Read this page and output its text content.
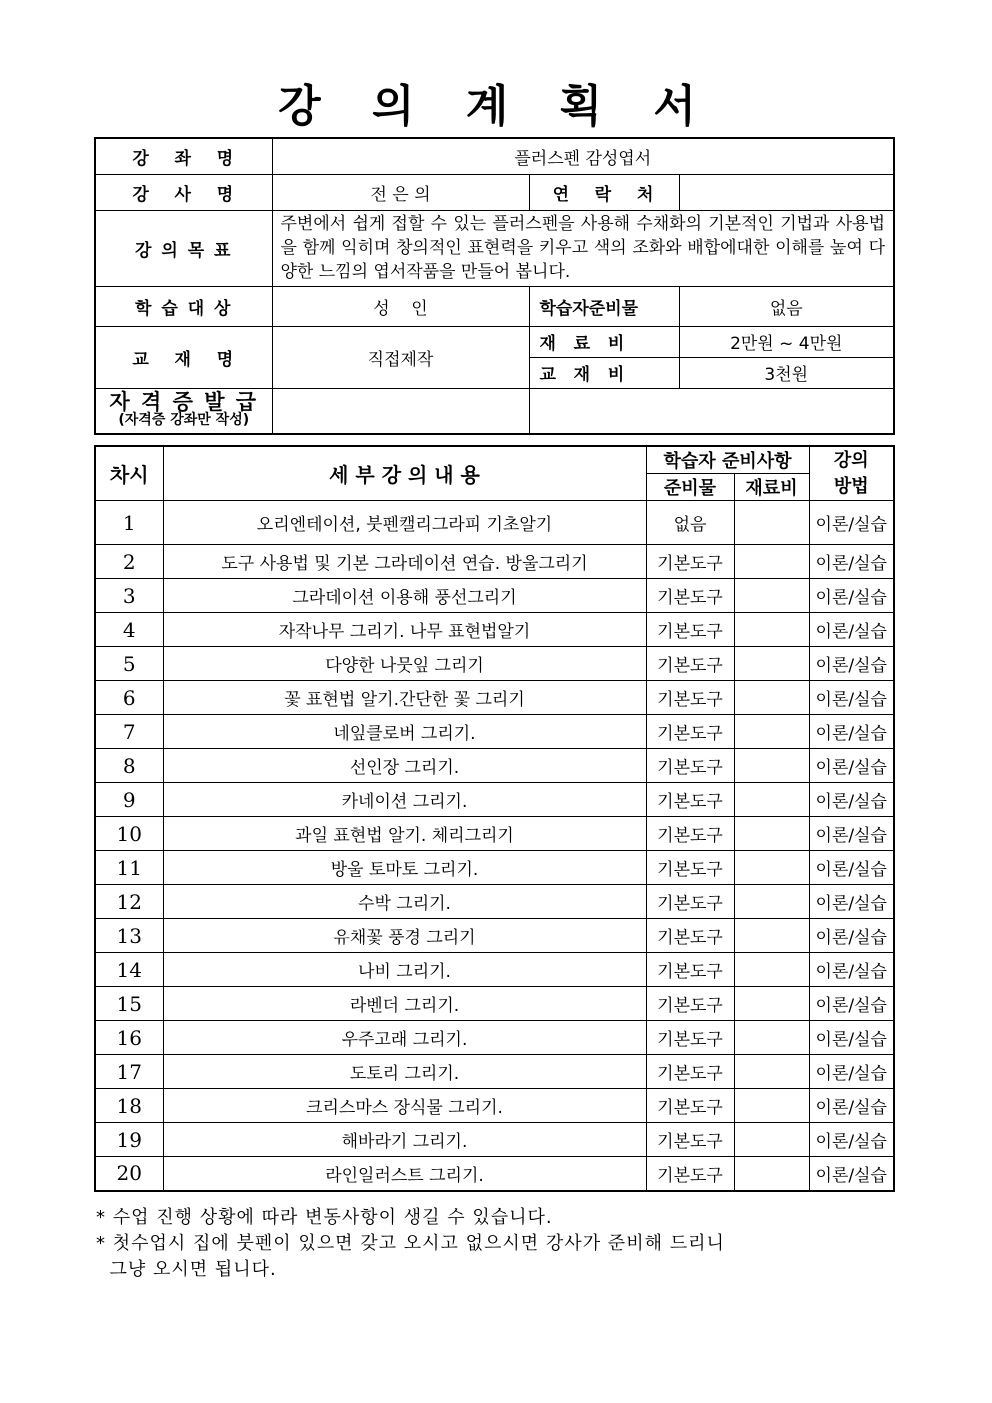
강 의 계 획 서
강   좌   명	플러스펜 감성엽서		
강   사   명	전 은 의	연   락   처	
강 의 목 표	주변에서 쉽게 접할 수 있는 플러스펜을 사용해 수채화의 기본적인 기법과 사용법을 함께 익히며 창의적인 표현력을 키우고 색의 조화와 배합에대한 이해를 높여 다양한 느낌의 엽서작품을 만들어 봅니다.		
학 습 대 상	성    인	학습자준비물	없음
교   재   명	직접제작	재   료   비	2만원 ~ 4만원
		교   재   비	3천원

자 격 증 발 급
(자격증 강좌만 작성)			

차시	세 부 강 의 내 용	학습자 준비사항		강의 방법
		준비물	재료비	
1	오리엔테이션, 붓펜캘리그라피 기초알기	없음		이론/실습
2	도구 사용법 및 기본 그라데이션 연습. 방울그리기	기본도구		이론/실습
3	그라데이션 이용해 풍선그리기	기본도구		이론/실습
4	자작나무 그리기. 나무 표현법알기	기본도구		이론/실습
5	다양한 나뭇잎 그리기	기본도구		이론/실습
6	꽃 표현법 알기.간단한 꽃 그리기	기본도구		이론/실습
7	네잎클로버 그리기.	기본도구		이론/실습
8	선인장 그리기.	기본도구		이론/실습
9	카네이션 그리기.	기본도구		이론/실습
10	과일 표현법 알기. 체리그리기	기본도구		이론/실습
11	방울 토마토 그리기.	기본도구		이론/실습
12	수박 그리기.	기본도구		이론/실습
13	유채꽃 풍경 그리기	기본도구		이론/실습
14	나비 그리기.	기본도구		이론/실습
15	라벤더 그리기.	기본도구		이론/실습
16	우주고래 그리기.	기본도구		이론/실습
17	도토리 그리기.	기본도구		이론/실습
18	크리스마스 장식물 그리기.	기본도구		이론/실습
19	해바라기 그리기.	기본도구		이론/실습
20	라인일러스트 그리기.	기본도구		이론/실습
* 수업 진행 상황에 따라 변동사항이 생길 수 있습니다.
* 첫수업시 집에 붓펜이 있으면 갖고 오시고 없으시면 강사가 준비해 드리니
그냥 오시면 됩니다.
